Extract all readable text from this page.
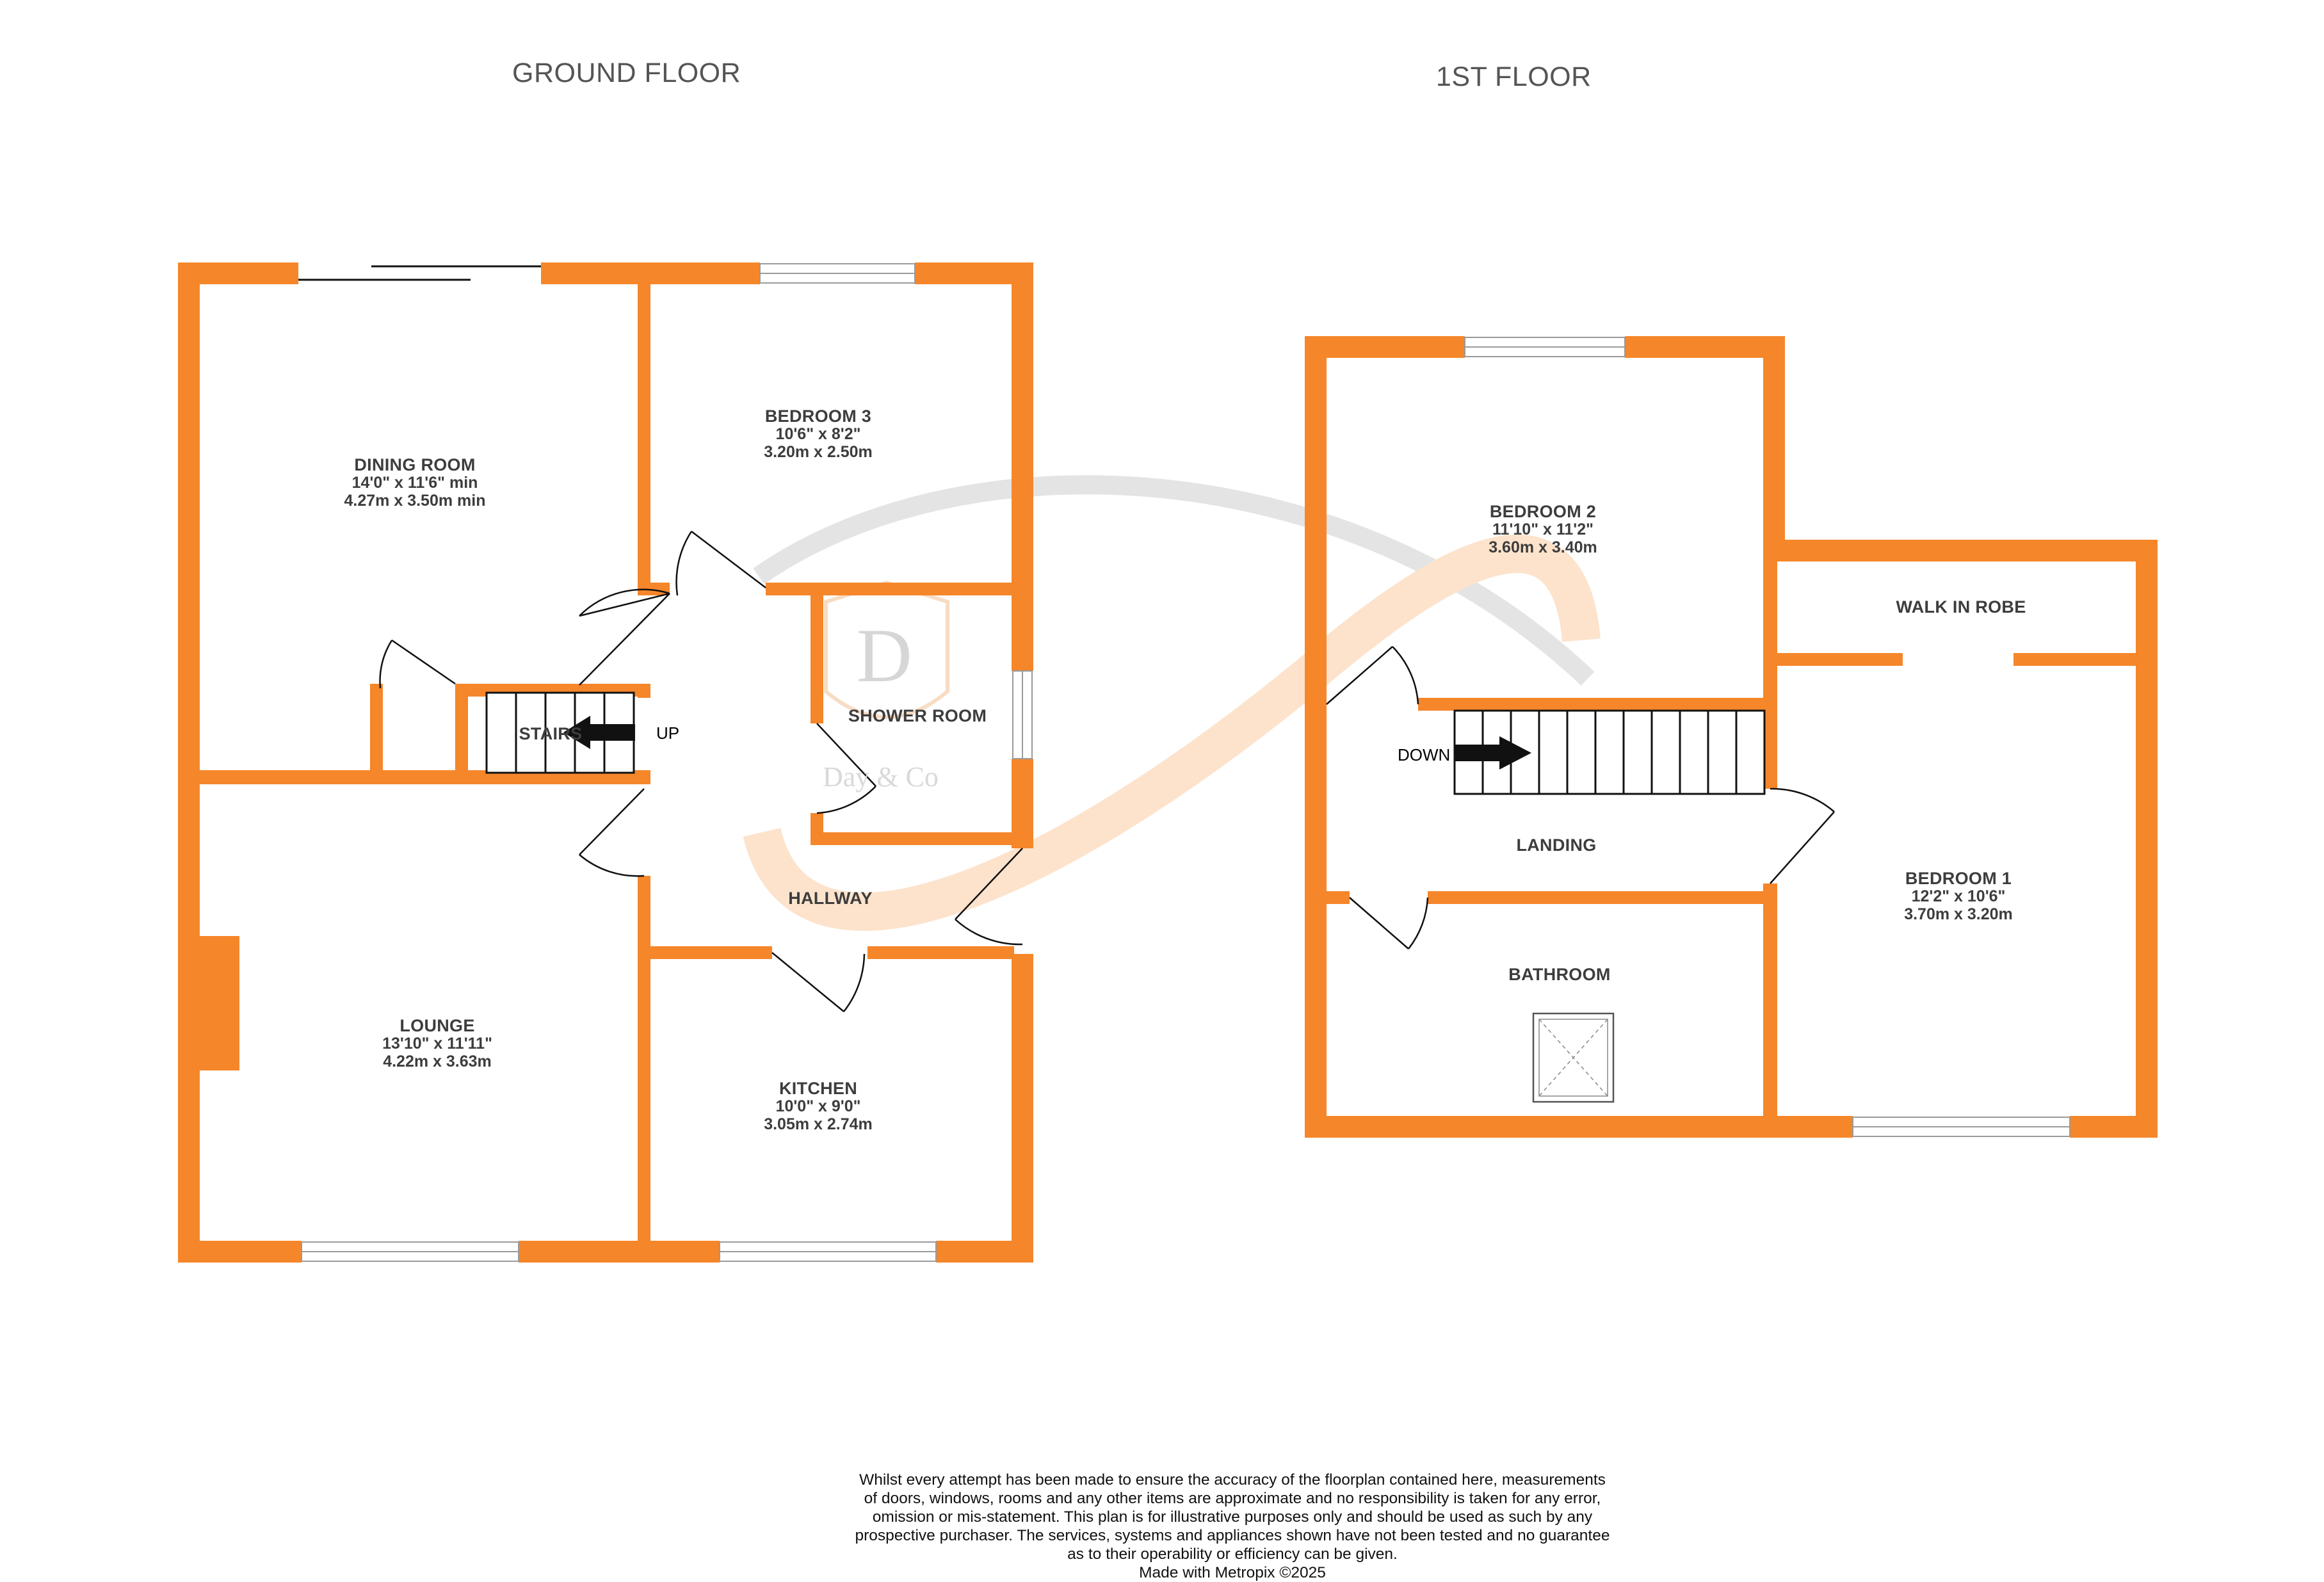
D
Day & Co
GROUND FLOOR	1ST FLOOR
DINING ROOM
14'0" x 11'6" min
4.27m x 3.50m min
BEDROOM 3
10'6" x 8'2"
3.20m x 2.50m
SHOWER ROOM
STAIRS	UP
HALLWAY
LOUNGE
13'10" x 11'11"
4.22m x 3.63m
KITCHEN
10'0" x 9'0"
3.05m x 2.74m
BEDROOM 2
11'10" x 11'2"
3.60m x 3.40m
WALK IN ROBE
DOWN
LANDING
BATHROOM
BEDROOM 1
12'2" x 10'6"
3.70m x 3.20m
Whilst every attempt has been made to ensure the accuracy of the floorplan contained here, measurements
of doors, windows, rooms and any other items are approximate and no responsibility is taken for any error,
omission or mis-statement. This plan is for illustrative purposes only and should be used as such by any
prospective purchaser. The services, systems and appliances shown have not been tested and no guarantee
as to their operability or efficiency can be given.
Made with Metropix ©2025
